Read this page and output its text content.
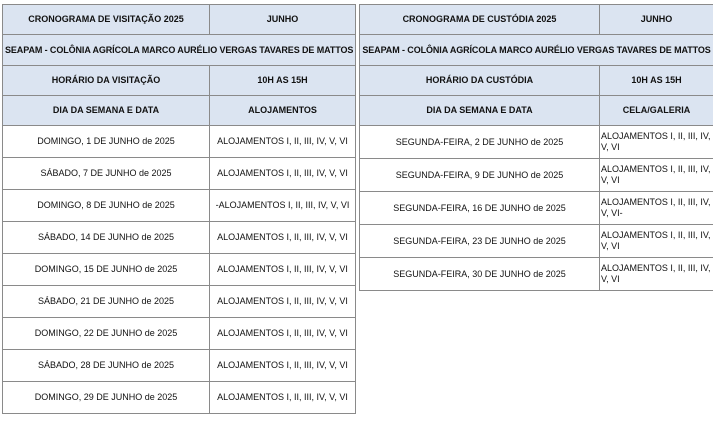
CRONOGRAMA DE VISITAÇÃO 2025	JUNHO
SEAPAM - COLÔNIA AGRÍCOLA MARCO AURÉLIO VERGAS TAVARES DE MATTOS	
HORÁRIO DA VISITAÇÃO	10H AS 15H
DIA DA SEMANA E DATA	ALOJAMENTOS
DOMINGO, 1 DE JUNHO de 2025	ALOJAMENTOS I, II, III, IV, V, VI
SÁBADO, 7 DE JUNHO de 2025	ALOJAMENTOS I, II, III, IV, V, VI
DOMINGO, 8 DE JUNHO de 2025	-ALOJAMENTOS I, II, III, IV, V, VI
SÁBADO, 14 DE JUNHO de 2025	ALOJAMENTOS I, II, III, IV, V, VI
DOMINGO, 15 DE JUNHO de 2025	ALOJAMENTOS I, II, III, IV, V, VI
SÁBADO, 21 DE JUNHO de 2025	ALOJAMENTOS I, II, III, IV, V, VI
DOMINGO, 22 DE JUNHO de 2025	ALOJAMENTOS I, II, III, IV, V, VI
SÁBADO, 28 DE JUNHO de 2025	ALOJAMENTOS I, II, III, IV, V, VI
DOMINGO, 29 DE JUNHO de 2025	ALOJAMENTOS I, II, III, IV, V, VI
CRONOGRAMA DE CUSTÓDIA 2025	JUNHO
SEAPAM - COLÔNIA AGRÍCOLA MARCO AURÉLIO VERGAS TAVARES DE MATTOS	
HORÁRIO DA CUSTÓDIA	10H AS 15H
DIA DA SEMANA E DATA	CELA/GALERIA
SEGUNDA-FEIRA, 2 DE JUNHO de 2025	ALOJAMENTOS I, II, III, IV, V, VI
SEGUNDA-FEIRA, 9 DE JUNHO de 2025	ALOJAMENTOS I, II, III, IV, V, VI
SEGUNDA-FEIRA, 16 DE JUNHO de 2025	ALOJAMENTOS I, II, III, IV, V, VI-
SEGUNDA-FEIRA, 23 DE JUNHO de 2025	ALOJAMENTOS I, II, III, IV, V, VI
SEGUNDA-FEIRA, 30 DE JUNHO de 2025	ALOJAMENTOS I, II, III, IV, V, VI
